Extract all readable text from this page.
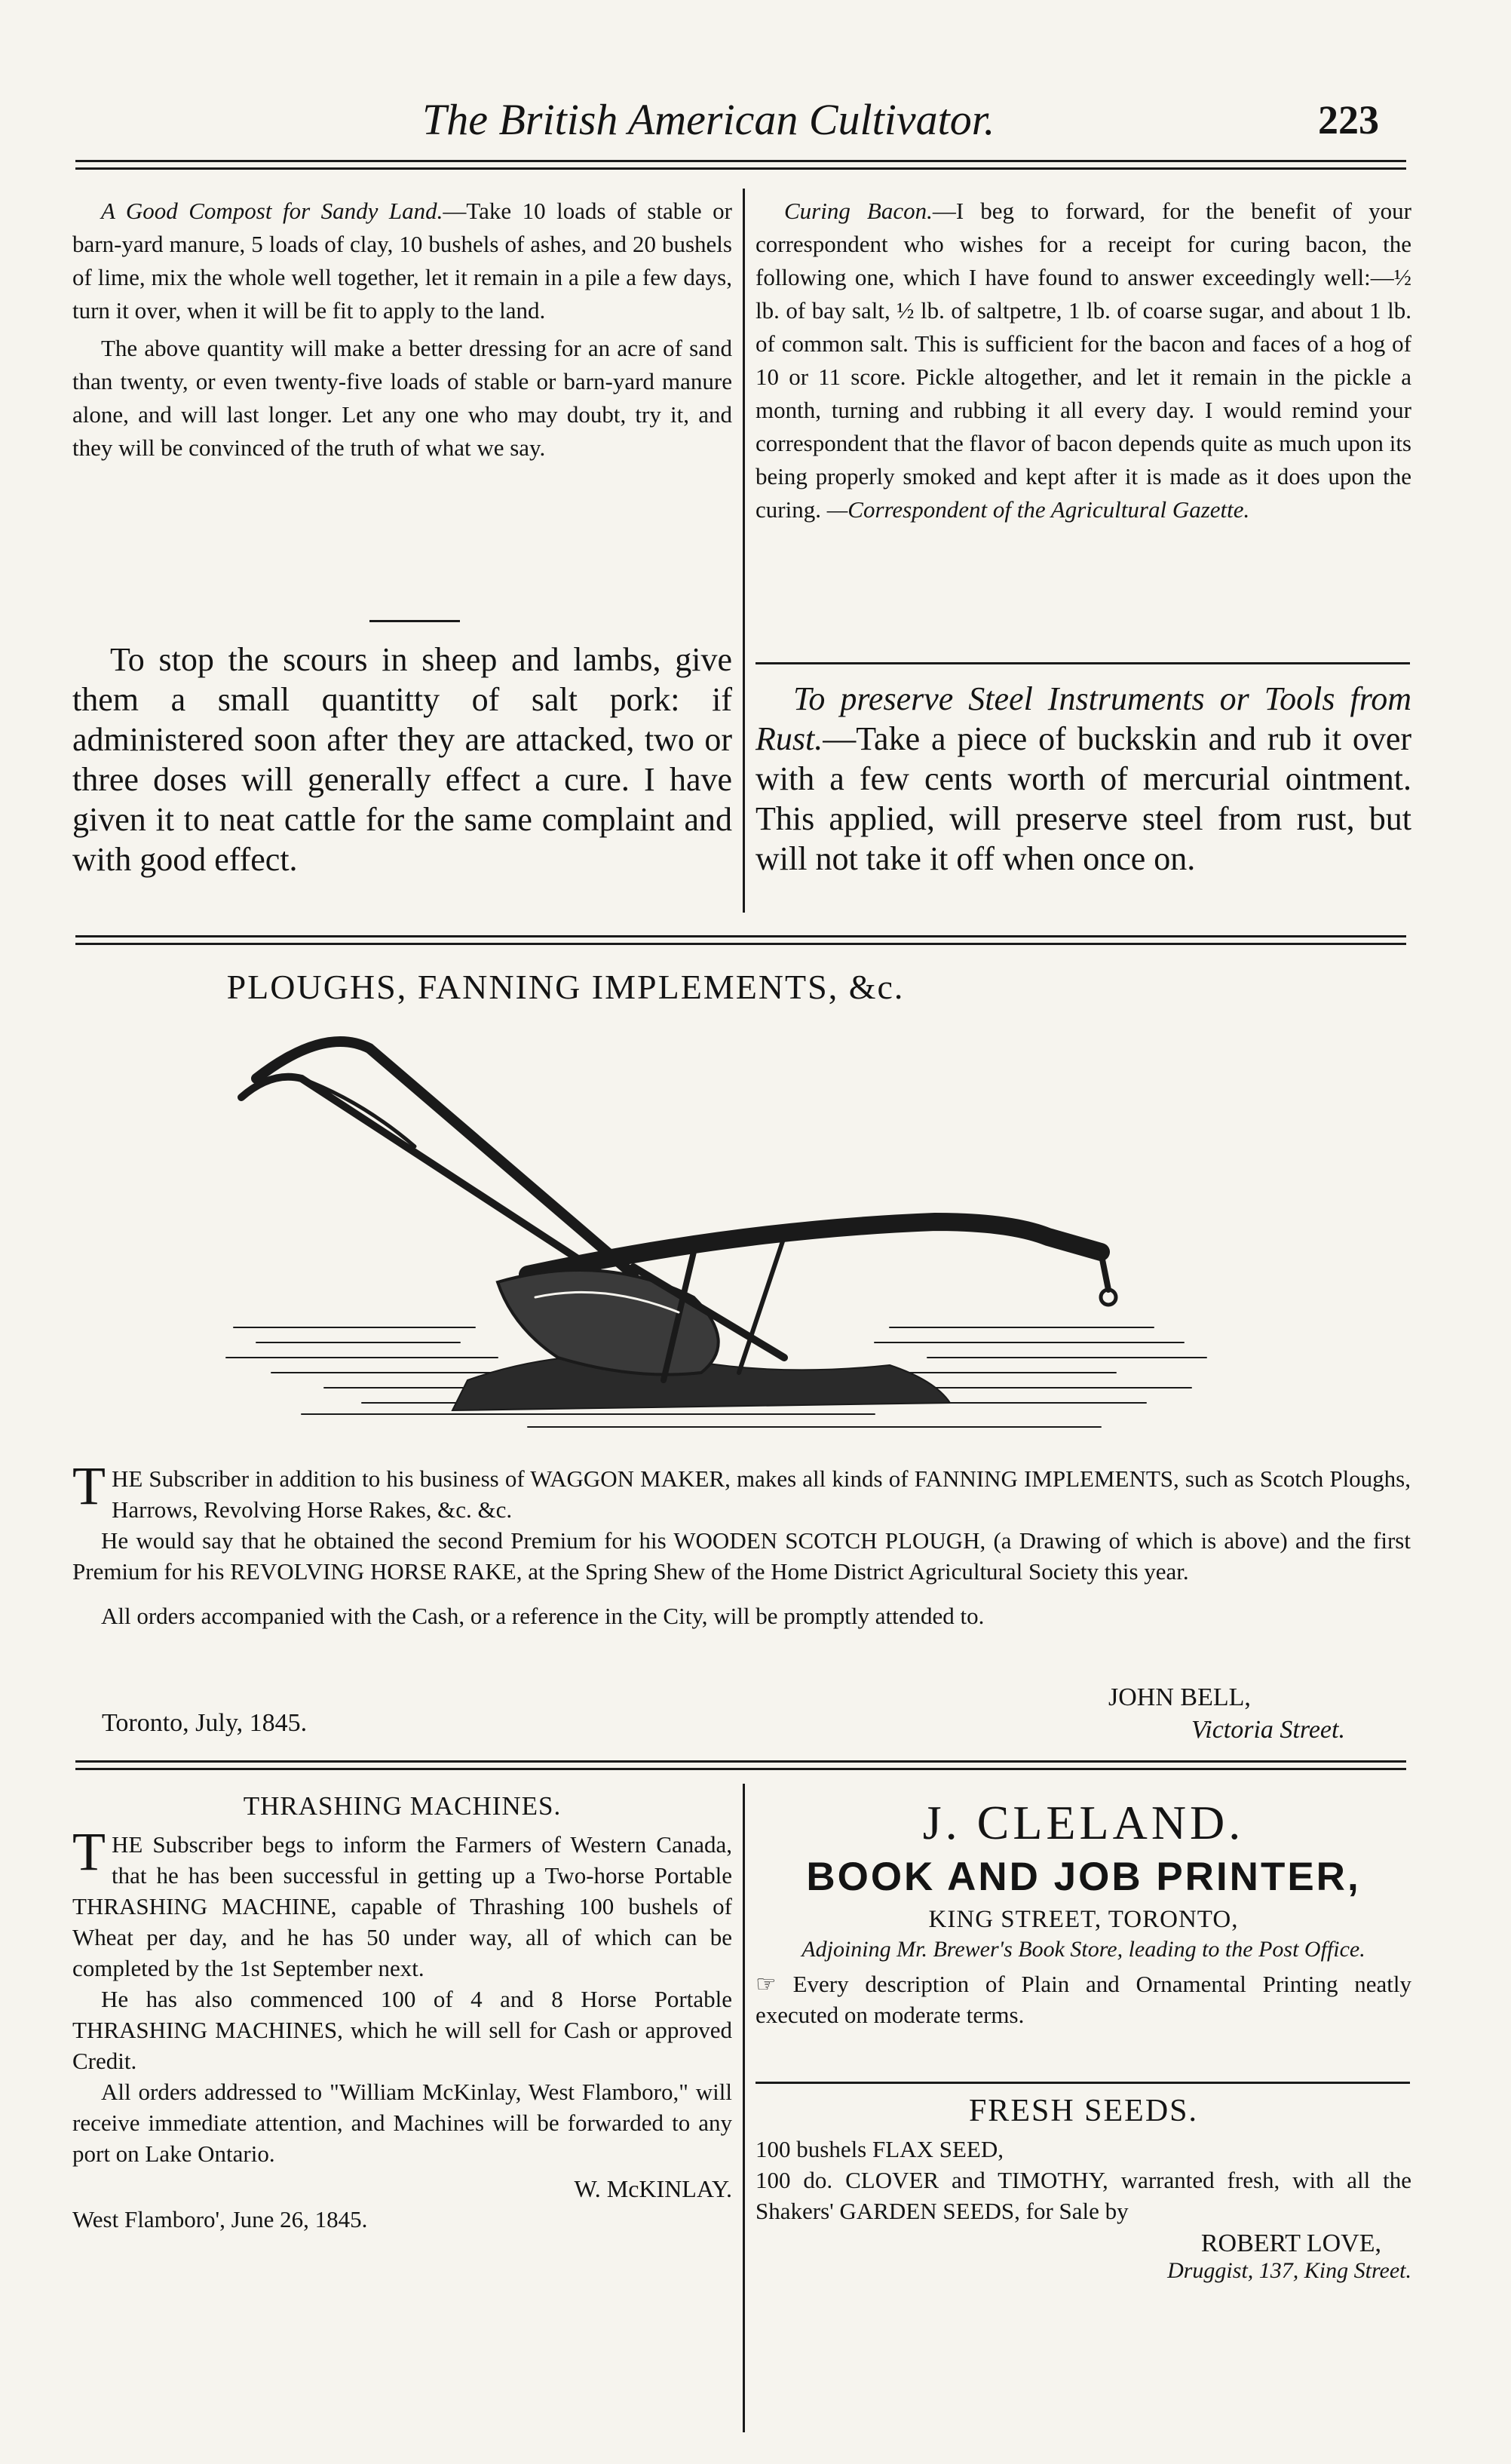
The British American Cultivator.	223

A Good Compost for Sandy Land.—Take 10 loads of stable or barn-yard manure, 5 loads of clay, 10 bushels of ashes, and 20 bushels of lime, mix the whole well together, let it remain in a pile a few days, turn it over, when it will be fit to apply to the land.

The above quantity will make a better dressing for an acre of sand than twenty, or even twenty-five loads of stable or barn-yard manure alone, and will last longer. Let any one who may doubt, try it, and they will be convinced of the truth of what we say.

To stop the scours in sheep and lambs, give them a small quantitty of salt pork: if administered soon after they are attacked, two or three doses will generally effect a cure. I have given it to neat cattle for the same complaint and with good effect.

Curing Bacon.—I beg to forward, for the benefit of your correspondent who wishes for a receipt for curing bacon, the following one, which I have found to answer exceedingly well:—½ lb. of bay salt, ½ lb. of saltpetre, 1 lb. of coarse sugar, and about 1 lb. of common salt. This is sufficient for the bacon and faces of a hog of 10 or 11 score. Pickle altogether, and let it remain in the pickle a month, turning and rubbing it all every day. I would remind your correspondent that the flavor of bacon depends quite as much upon its being properly smoked and kept after it is made as it does upon the curing. —Correspondent of the Agricultural Gazette.

To preserve Steel Instruments or Tools from Rust.—Take a piece of buckskin and rub it over with a few cents worth of mercurial ointment. This applied, will preserve steel from rust, but will not take it off when once on.

PLOUGHS, FANNING IMPLEMENTS, &c.

THE Subscriber in addition to his business of WAGGON MAKER, makes all kinds of FANNING IMPLEMENTS, such as Scotch Ploughs, Harrows, Revolving Horse Rakes, &c. &c.

He would say that he obtained the second Premium for his WOODEN SCOTCH PLOUGH, (a Drawing of which is above) and the first Premium for his REVOLVING HORSE RAKE, at the Spring Shew of the Home District Agricultural Society this year.

All orders accompanied with the Cash, or a reference in the City, will be promptly attended to.

JOHN BELL,
Toronto, July, 1845.	Victoria Street.
THRASHING MACHINES.

THE Subscriber begs to inform the Farmers of Western Canada, that he has been successful in getting up a Two-horse Portable THRASHING MACHINE, capable of Thrashing 100 bushels of Wheat per day, and he has 50 under way, all of which can be completed by the 1st September next.

He has also commenced 100 of 4 and 8 Horse Portable THRASHING MACHINES, which he will sell for Cash or approved Credit.

All orders addressed to "William McKinlay, West Flamboro," will receive immediate attention, and Machines will be forwarded to any port on Lake Ontario.

W. McKINLAY.
West Flamboro', June 26, 1845.
J. CLELAND.
BOOK AND JOB PRINTER,
KING STREET, TORONTO,
Adjoining Mr. Brewer's Book Store, leading to the Post Office.

☞ Every description of Plain and Ornamental Printing neatly executed on moderate terms.

FRESH SEEDS.

100 bushels FLAX SEED,

100 do. CLOVER and TIMOTHY, warranted fresh, with all the Shakers' GARDEN SEEDS, for Sale by

ROBERT LOVE,
Druggist, 137, King Street.
